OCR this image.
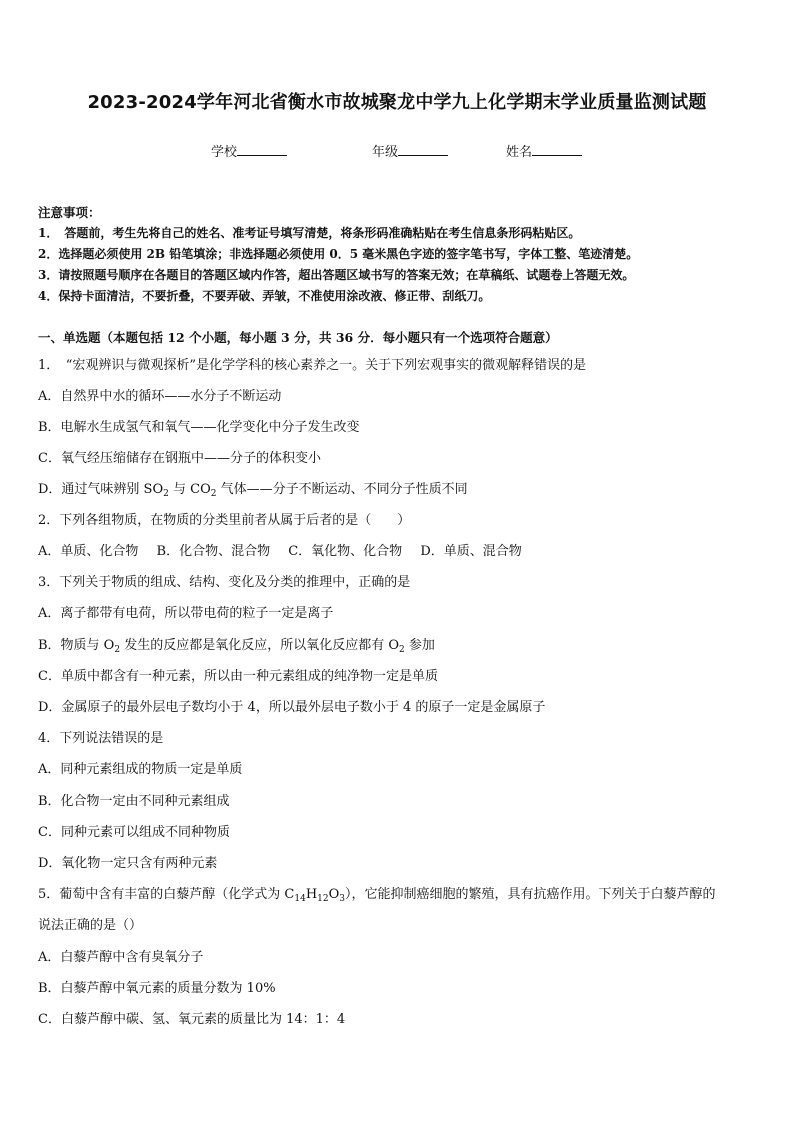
2023-2024学年河北省衡水市故城聚龙中学九上化学期末学业质量监测试题
学校	年级	姓名
注意事项：
1．　答题前，考生先将自己的姓名、准考证号填写清楚，将条形码准确粘贴在考生信息条形码粘贴区。
2．选择题必须使用 2B 铅笔填涂；非选择题必须使用 0．5 毫米黑色字迹的签字笔书写，字体工整、笔迹清楚。
3．请按照题号顺序在各题目的答题区域内作答，超出答题区域书写的答案无效；在草稿纸、试题卷上答题无效。
4．保持卡面清洁，不要折叠，不要弄破、弄皱，不准使用涂改液、修正带、刮纸刀。
一、单选题（本题包括 12 个小题，每小题 3 分，共 36 分．每小题只有一个选项符合题意）
1．　“宏观辨识与微观探析”是化学学科的核心素养之一。关于下列宏观事实的微观解释错误的是
A．自然界中水的循环——水分子不断运动
B．电解水生成氢气和氧气——化学变化中分子发生改变
C．氧气经压缩储存在钢瓶中——分子的体积变小
D．通过气味辨别 $SO_2$ 与 $CO_2$ 气体——分子不断运动、不同分子性质不同
2．下列各组物质，在物质的分类里前者从属于后者的是（　　）
A．单质、化合物 B．化合物、混合物 C．氧化物、化合物 D．单质、混合物
3．下列关于物质的组成、结构、变化及分类的推理中，正确的是
A．离子都带有电荷，所以带电荷的粒子一定是离子
B．物质与 $O_2$ 发生的反应都是氧化反应，所以氧化反应都有 $O_2$ 参加
C．单质中都含有一种元素，所以由一种元素组成的纯净物一定是单质
D．金属原子的最外层电子数均小于 4，所以最外层电子数小于 4 的原子一定是金属原子
4．下列说法错误的是
A．同种元素组成的物质一定是单质
B．化合物一定由不同种元素组成
C．同种元素可以组成不同种物质
D．氧化物一定只含有两种元素
5．葡萄中含有丰富的白藜芦醇（化学式为 $C_{14}H_{12}O_3$），它能抑制癌细胞的繁殖，具有抗癌作用。下列关于白藜芦醇的
说法正确的是（）
A．白藜芦醇中含有臭氧分子
B．白藜芦醇中氧元素的质量分数为 10%
C．白藜芦醇中碳、氢、氧元素的质量比为 14：1：4
